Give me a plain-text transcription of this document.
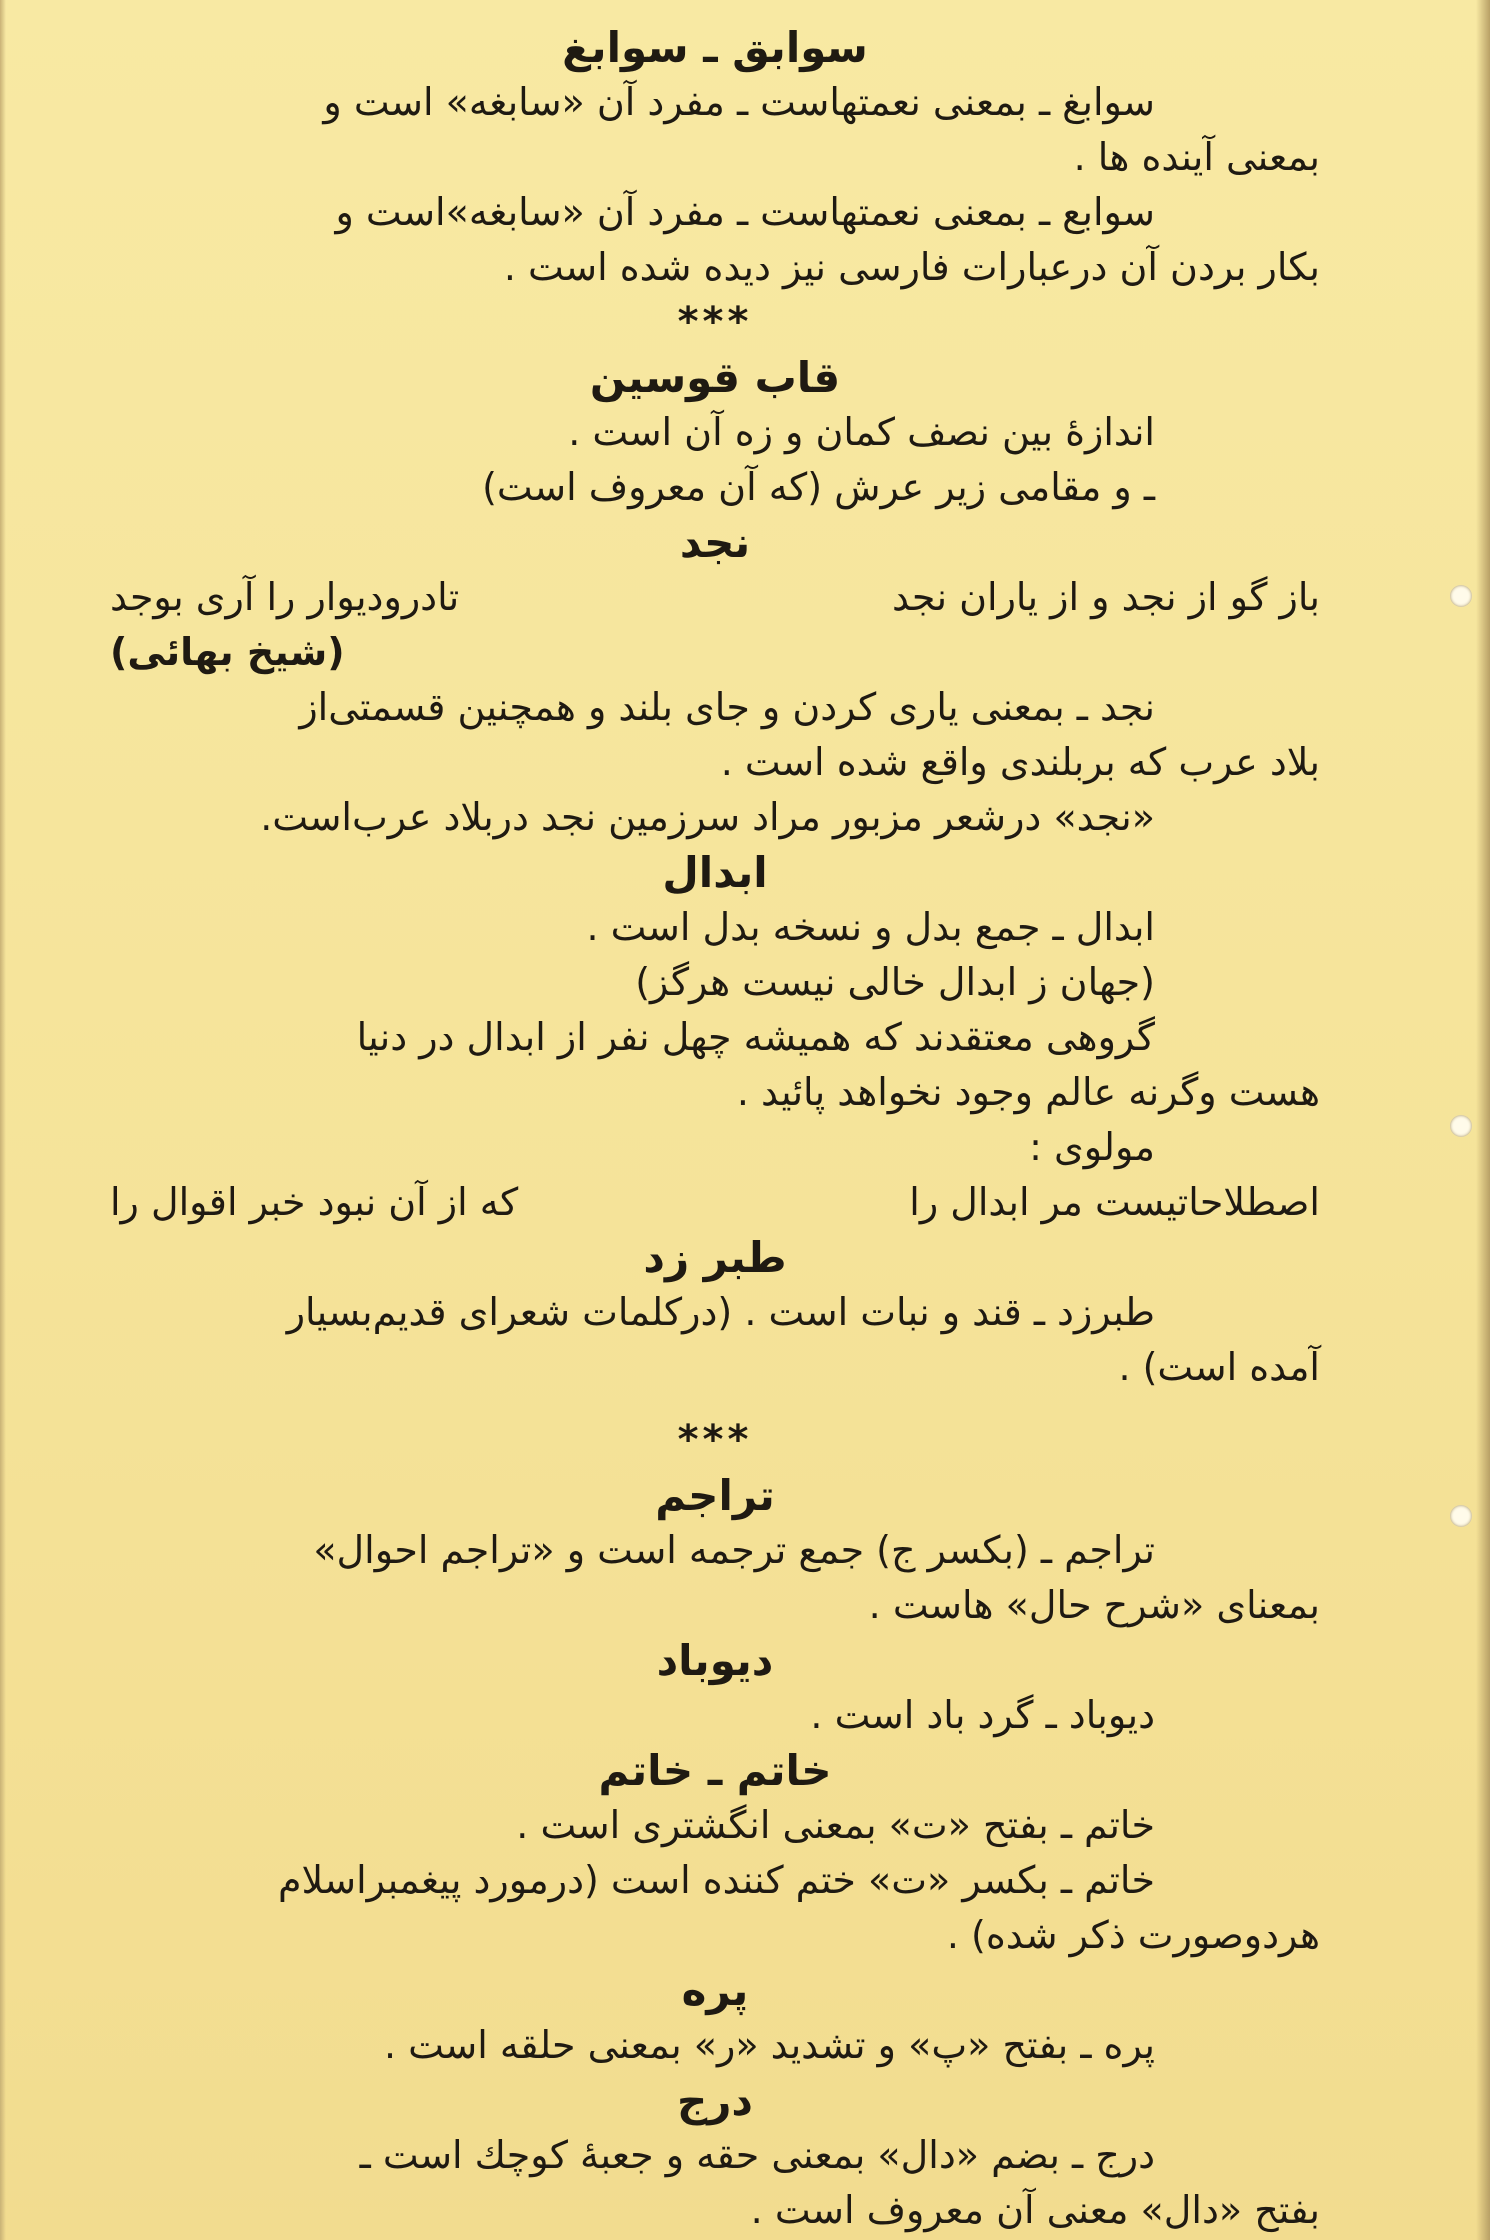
سوابق ـ سوابغ

سوابغ ـ بمعنی نعمتهاست ـ مفرد آن «سابغه» است و

بمعنی آینده ها .

سوابع ـ بمعنی نعمتهاست ـ مفرد آن «سابغه»است و

بکار بردن آن درعبارات فارسی نیز دیده شده است .

***

قاب قوسین

اندازهٔ بین نصف کمان و زه آن است .

ـ و مقامی زیر عرش (که آن معروف است)

نجد

باز گو از نجد و از یاران نجد
تادرودیوار را آری بوجد

(شیخ بهائی)

نجد ـ بمعنی یاری کردن و جای بلند و همچنین قسمتی‌از

بلاد عرب که بربلندی واقع شده است .

«نجد» درشعر مزبور مراد سرزمین نجد دربلاد عرب‌است.

ابدال

ابدال ـ جمع بدل و نسخه بدل است .

(جهان ز ابدال خالی نیست هرگز)

گروهی معتقدند که همیشه چهل نفر از ابدال در دنیا

هست وگرنه عالم وجود نخواهد پائید .

مولوی :

اصطلاحاتیست مر ابدال را
که از آن نبود خبر اقوال را

طبر زد

طبرزد ـ قند و نبات است . (درکلمات شعرای قدیم‌بسیار

آمده است) .

***

تراجم

تراجم ـ (بکسر ج) جمع ترجمه است و «تراجم احوال»

بمعنای «شرح حال» هاست .

دیوباد

دیوباد ـ گرد باد است .

خاتم ـ خاتم

خاتم ـ بفتح «ت» بمعنی انگشتری است .

خاتم ـ بکسر «ت» ختم کننده است (درمورد پیغمبراسلام

هردوصورت ذکر شده) .

پره

پره ـ بفتح «پ» و تشدید «ر» بمعنی حلقه است .

درج

درج ـ بضم «دال» بمعنی حقه و جعبهٔ کوچك است ـ

بفتح «دال» معنی آن معروف است .
